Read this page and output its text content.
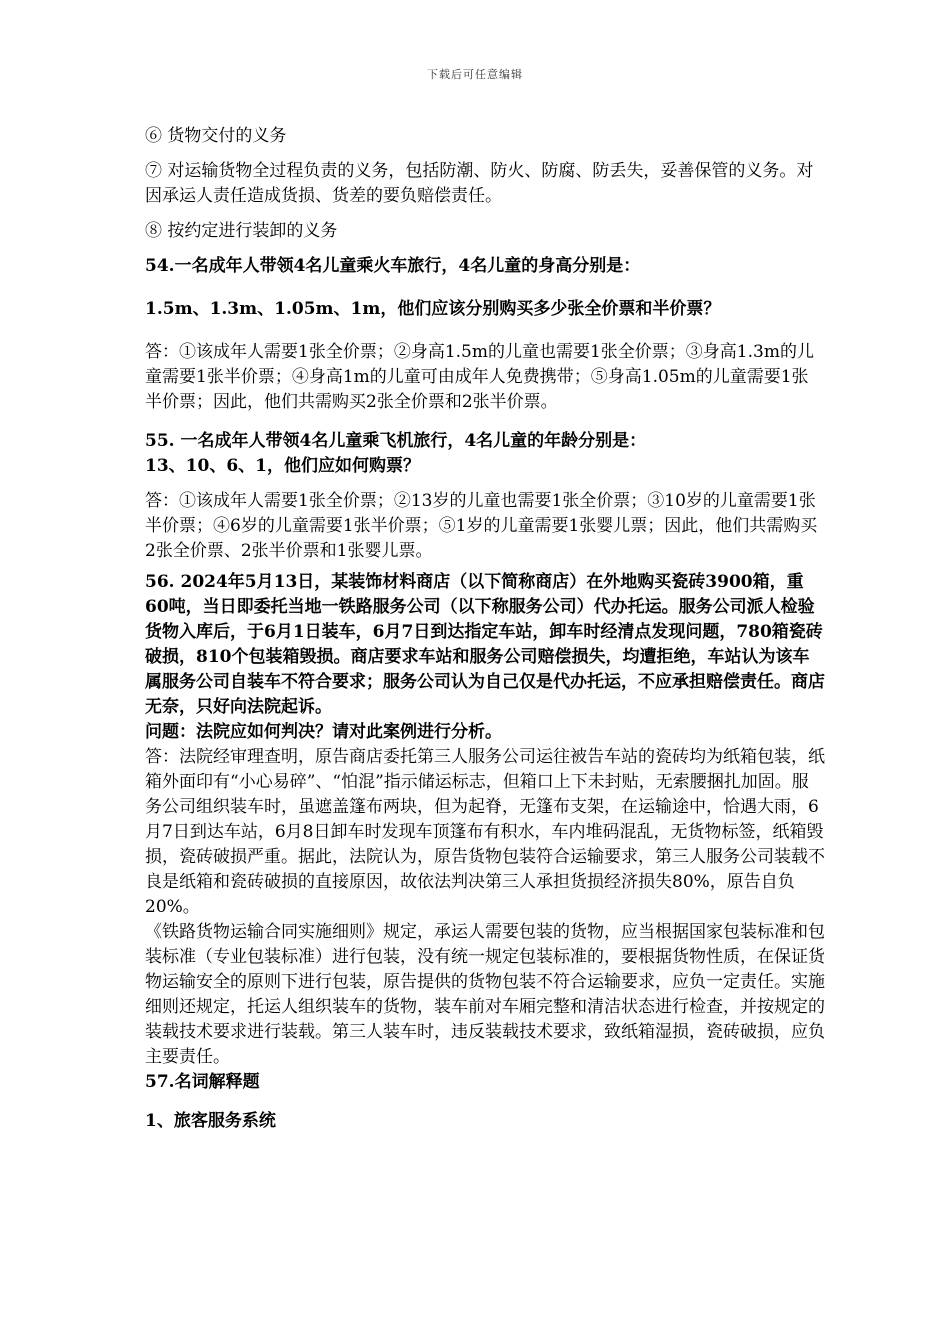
下载后可任意编辑

⑥ 货物交付的义务

⑦ 对运输货物全过程负责的义务，包括防潮、防火、防腐、防丢失，妥善保管的义务。对因承运人责任造成货损、货差的要负赔偿责任。

⑧ 按约定进行装卸的义务

54.一名成年人带领4名儿童乘火车旅行，4名儿童的身高分别是：

1.5m、1.3m、1.05m、1m，他们应该分别购买多少张全价票和半价票？

答：①该成年人需要1张全价票；②身高1.5m的儿童也需要1张全价票；③身高1.3m的儿童需要1张半价票；④身高1m的儿童可由成年人免费携带；⑤身高1.05m的儿童需要1张半价票；因此，他们共需购买2张全价票和2张半价票。

55. 一名成年人带领4名儿童乘飞机旅行，4名儿童的年龄分别是：

13、10、6、1，他们应如何购票？

答：①该成年人需要1张全价票；②13岁的儿童也需要1张全价票；③10岁的儿童需要1张半价票；④6岁的儿童需要1张半价票；⑤1岁的儿童需要1张婴儿票；因此，他们共需购买2张全价票、2张半价票和1张婴儿票。

56. 2024年5月13日，某装饰材料商店（以下简称商店）在外地购买瓷砖3900箱，重60吨，当日即委托当地一铁路服务公司（以下称服务公司）代办托运。服务公司派人检验货物入库后，于6月1日装车，6月7日到达指定车站，卸车时经清点发现问题，780箱瓷砖破损，810个包装箱毁损。商店要求车站和服务公司赔偿损失，均遭拒绝，车站认为该车属服务公司自装车不符合要求；服务公司认为自己仅是代办托运，不应承担赔偿责任。商店无奈，只好向法院起诉。

问题：法院应如何判决？请对此案例进行分析。

答：法院经审理查明，原告商店委托第三人服务公司运往被告车站的瓷砖均为纸箱包装，纸箱外面印有“小心易碎”、“怕混”指示储运标志，但箱口上下未封贴，无索腰捆扎加固。服务公司组织装车时，虽遮盖篷布两块，但为起脊，无篷布支架，在运输途中，恰遇大雨，6月7日到达车站，6月8日卸车时发现车顶篷布有积水，车内堆码混乱，无货物标签，纸箱毁损，瓷砖破损严重。据此，法院认为，原告货物包装符合运输要求，第三人服务公司装载不良是纸箱和瓷砖破损的直接原因，故依法判决第三人承担货损经济损失80%，原告自负20%。

《铁路货物运输合同实施细则》规定，承运人需要包装的货物，应当根据国家包装标准和包装标准（专业包装标准）进行包装，没有统一规定包装标准的，要根据货物性质，在保证货物运输安全的原则下进行包装，原告提供的货物包装不符合运输要求，应负一定责任。实施细则还规定，托运人组织装车的货物，装车前对车厢完整和清洁状态进行检查，并按规定的装载技术要求进行装载。第三人装车时，违反装载技术要求，致纸箱湿损，瓷砖破损，应负主要责任。

57.名词解释题

1、旅客服务系统
